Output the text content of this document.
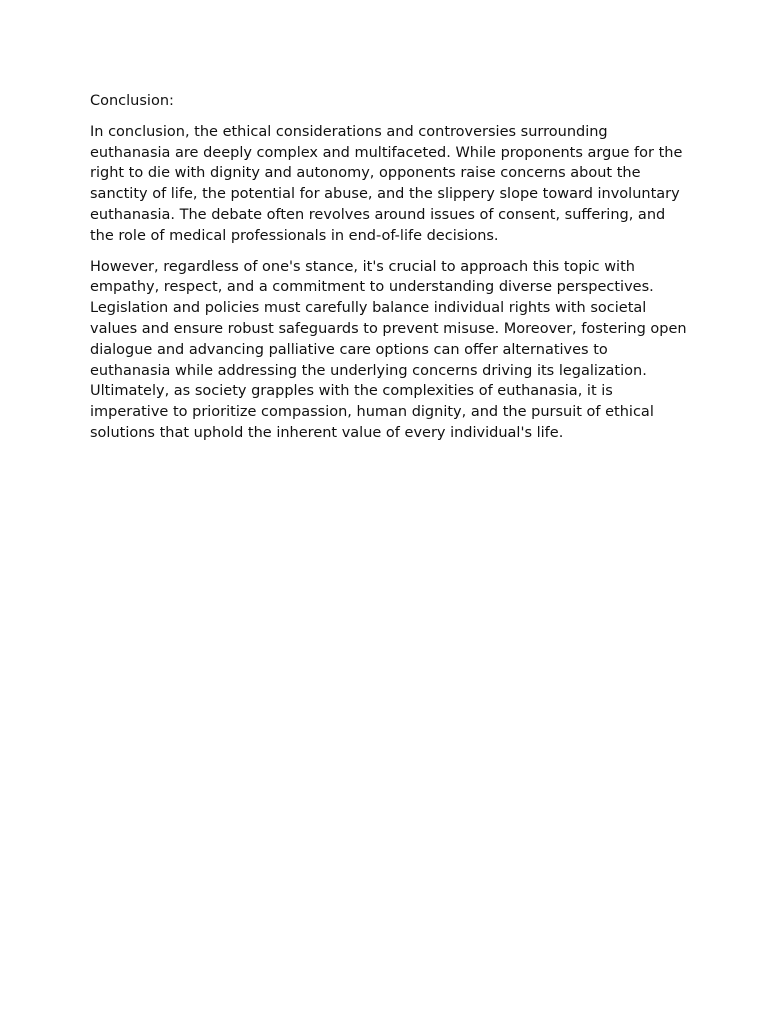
Conclusion:

In conclusion, the ethical considerations and controversies surrounding euthanasia are deeply complex and multifaceted. While proponents argue for the right to die with dignity and autonomy, opponents raise concerns about the sanctity of life, the potential for abuse, and the slippery slope toward involuntary euthanasia. The debate often revolves around issues of consent, suffering, and the role of medical professionals in end-of-life decisions.

However, regardless of one's stance, it's crucial to approach this topic with empathy, respect, and a commitment to understanding diverse perspectives. Legislation and policies must carefully balance individual rights with societal values and ensure robust safeguards to prevent misuse. Moreover, fostering open dialogue and advancing palliative care options can offer alternatives to euthanasia while addressing the underlying concerns driving its legalization. Ultimately, as society grapples with the complexities of euthanasia, it is imperative to prioritize compassion, human dignity, and the pursuit of ethical solutions that uphold the inherent value of every individual's life.
